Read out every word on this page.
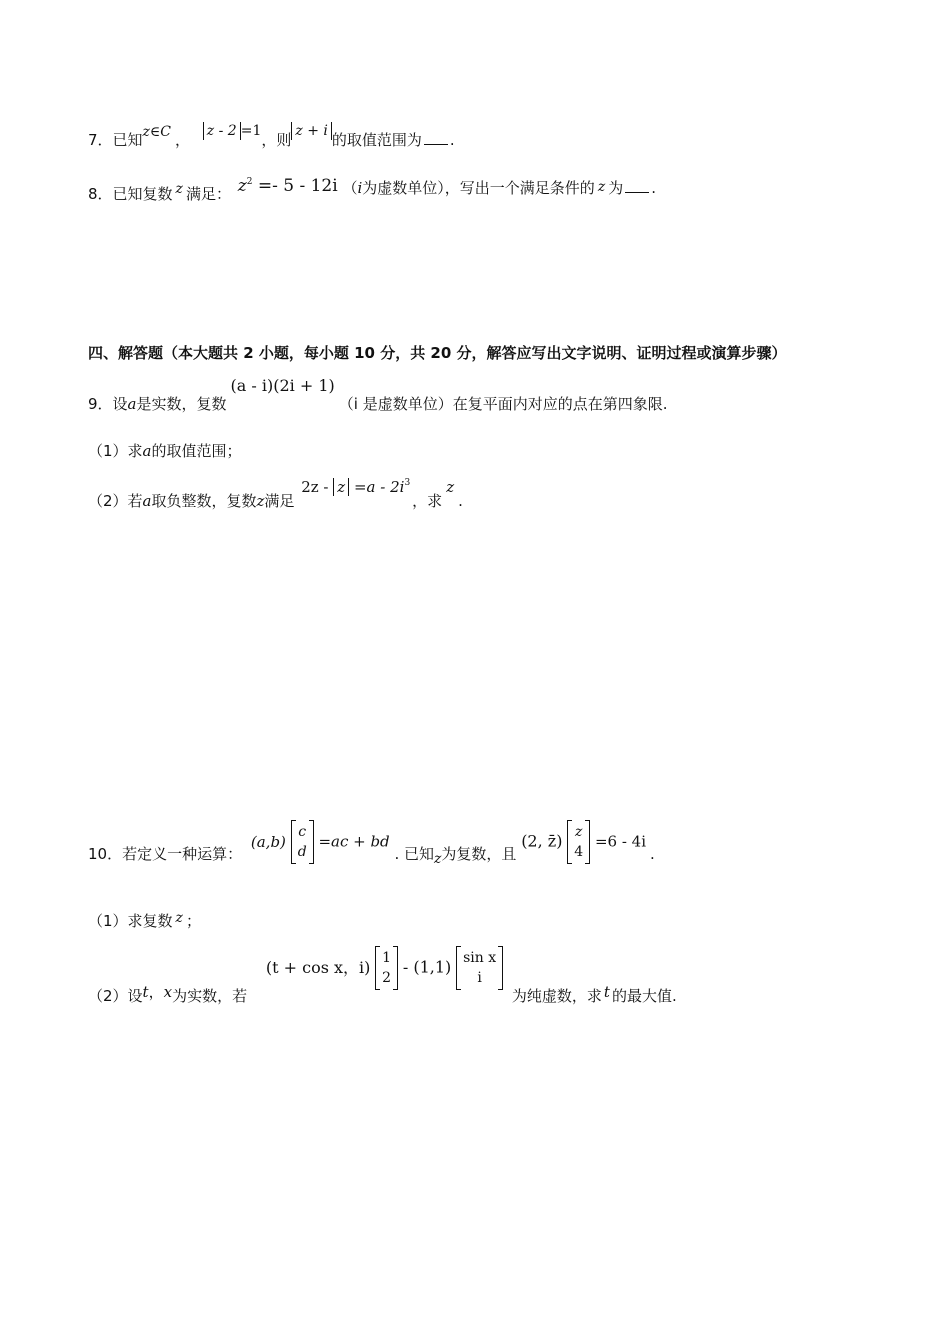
7．已知z∈C ， z - 2 =1，则 z + i 的取值范围为 .
8．已知复数 z 满足： $z^2 =- 5 - 12i$ （i为虚数单位），写出一个满足条件的 z 为 .
四、解答题（本大题共 2 小题，每小题 10 分，共 20 分，解答应写出文字说明、证明过程或演算步骤）
9．设a是实数，复数(a - i)(2i + 1)（i 是虚数单位）在复平面内对应的点在第四象限.
（1）求a的取值范围；
（2）若a取负整数，复数z满足 $2z - z =a - 2i^3$，求z.
10．若定义一种运算： (a,b)
c
d
=ac + bd . 已知z为复数，且 (2, z̄) z
4
=6 - 4i.
（1）求复数 z ；
（2）设t，x为实数，若 (t + cos x，i) 1
2
- (1,1) sin x
i
为纯虚数，求 t 的最大值.
